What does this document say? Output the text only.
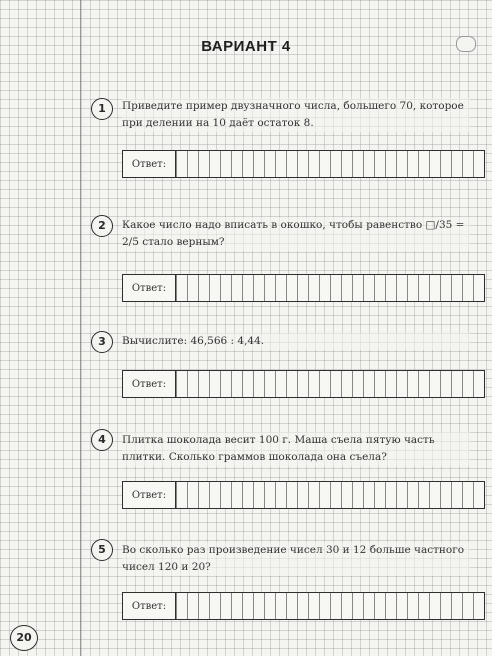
ВАРИАНТ 4
1	Приведите пример двузначного числа, большего 70, которое при делении на 10 даёт остаток 8.
Ответ:
2	Какое число надо вписать в окошко, чтобы равенство □/35 = 2/5 стало верным?
Ответ:
3	Вычислите: 46,566 : 4,44.
Ответ:
4	Плитка шоколада весит 100 г. Маша съела пятую часть плитки. Сколько граммов шоколада она съела?
Ответ:
5	Во сколько раз произведение чисел 30 и 12 больше частного чисел 120 и 20?
Ответ:
20
